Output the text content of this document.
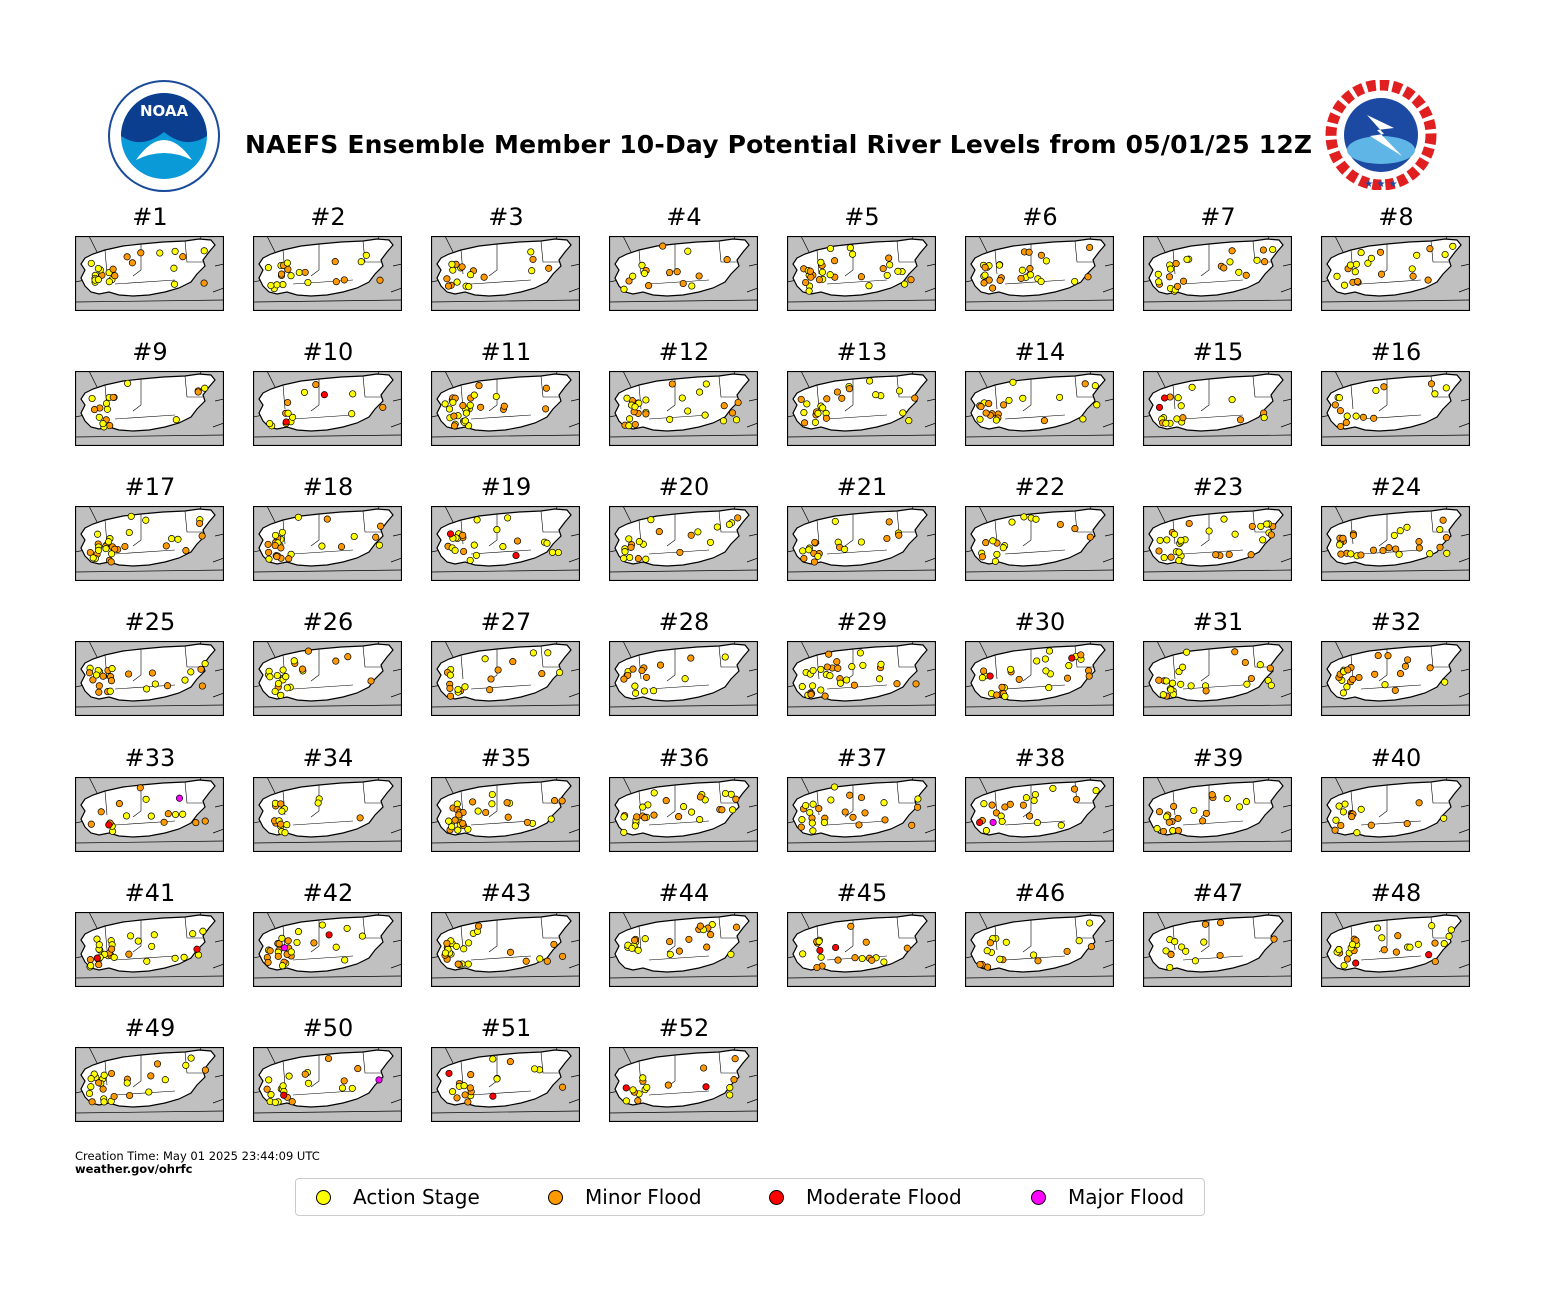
NOAA
★ ★ ★
NAEFS Ensemble Member 10-Day Potential River Levels from 05/01/25 12Z
#1	#2	#3	#4	#5	#6	#7	#8
#9	#10	#11	#12	#13	#14	#15	#16
#17	#18	#19	#20	#21	#22	#23	#24
#25	#26	#27	#28	#29	#30	#31	#32
#33	#34	#35	#36	#37	#38	#39	#40
#41	#42	#43	#44	#45	#46	#47	#48
#49	#50	#51	#52
Creation Time: May 01 2025 23:44:09 UTC
weather.gov/ohrfc
Action Stage	Minor Flood	Moderate Flood	Major Flood
